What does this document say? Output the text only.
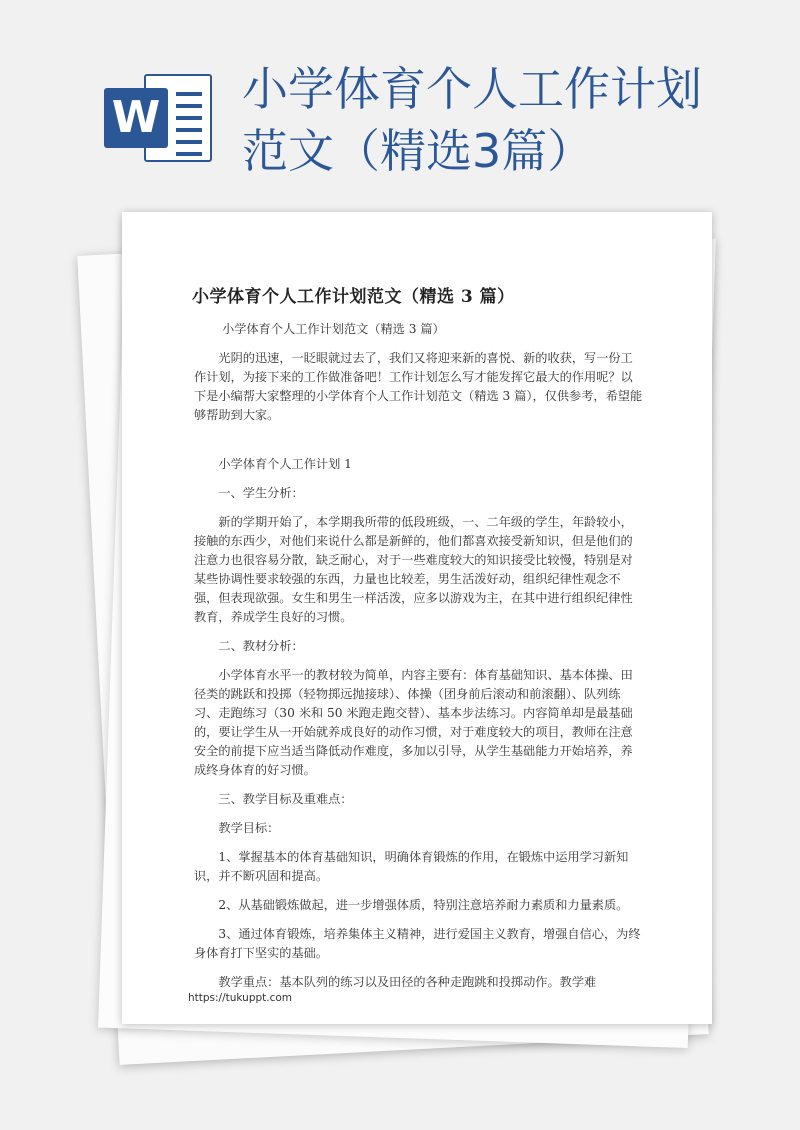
W
小学体育个人工作计划
范文（精选3篇）
小学体育个人工作计划范文（精选 3 篇）

小学体育个人工作计划范文（精选 3 篇）

光阴的迅速，一眨眼就过去了，我们又将迎来新的喜悦、新的收获，写一份工作计划，为接下来的工作做准备吧！工作计划怎么写才能发挥它最大的作用呢？以下是小编帮大家整理的小学体育个人工作计划范文（精选 3 篇），仅供参考，希望能够帮助到大家。

小学体育个人工作计划 1

一、学生分析：

新的学期开始了，本学期我所带的低段班级，一、二年级的学生，年龄较小，接触的东西少，对他们来说什么都是新鲜的，他们都喜欢接受新知识，但是他们的注意力也很容易分散，缺乏耐心，对于一些难度较大的知识接受比较慢，特别是对某些协调性要求较强的东西，力量也比较差，男生活泼好动，组织纪律性观念不强，但表现欲强。女生和男生一样活泼，应多以游戏为主，在其中进行组织纪律性教育，养成学生良好的习惯。

二、教材分析：

小学体育水平一的教材较为简单，内容主要有：体育基础知识、基本体操、田径类的跳跃和投掷（轻物掷远抛接球）、体操（团身前后滚动和前滚翻）、队列练习、走跑练习（30 米和 50 米跑走跑交替）、基本步法练习。内容简单却是最基础的，要让学生从一开始就养成良好的动作习惯，对于难度较大的项目，教师在注意安全的前提下应当适当降低动作难度，多加以引导，从学生基础能力开始培养，养成终身体育的好习惯。

三、教学目标及重难点：

教学目标：

1、掌握基本的体育基础知识，明确体育锻炼的作用，在锻炼中运用学习新知识，并不断巩固和提高。

2、从基础锻炼做起，进一步增强体质，特别注意培养耐力素质和力量素质。

3、通过体育锻炼，培养集体主义精神，进行爱国主义教育，增强自信心，为终身体育打下坚实的基础。

教学重点：基本队列的练习以及田径的各种走跑跳和投掷动作。教学难

https://tukuppt.com
